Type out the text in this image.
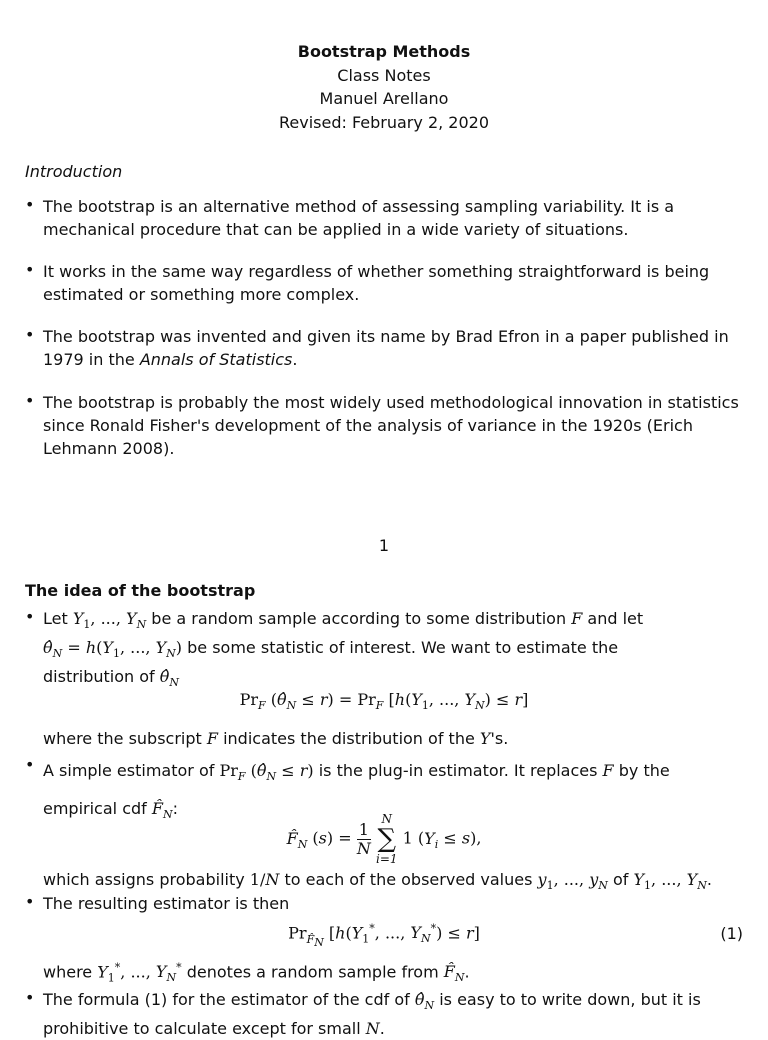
Bootstrap Methods
Class Notes
Manuel Arellano
Revised: February 2, 2020
Introduction
• The bootstrap is an alternative method of assessing sampling variability. It is a mechanical procedure that can be applied in a wide variety of situations.
• It works in the same way regardless of whether something straightforward is being estimated or something more complex.
• The bootstrap was invented and given its name by Brad Efron in a paper published in 1979 in the Annals of Statistics.
• The bootstrap is probably the most widely used methodological innovation in statistics since Ronald Fisher's development of the analysis of variance in the 1920s (Erich Lehmann 2008).
1
The idea of the bootstrap
• Let $Y_1$, ..., $Y_N$ be a random sample according to some distribution F and let
$\thetâ_N = h(Y_1$, ..., $Y_N$) be some statistic of interest. We want to estimate the
distribution of $\thetâ_N$
$Pr_F$ $(\thetâ_N \le r) = Pr_F$ [$h(Y_1$, ..., $Y_N) \le r$]
where the subscript F indicates the distribution of the Y's.
• A simple estimator of $Pr_F$ $(\thetâ_N \le r)$ is the plug-in estimator. It replaces F by the
empirical cdf $F̂_N$:
$F̂_N$ $(s) = \frac{1}{N}$

N
∑
i=1
1 $(Y_i \le s)$,
which assigns probability 1/N to each of the observed values $y_1$, ..., $y_N$ of $Y_1$, ..., $Y_N$.
• The resulting estimator is then
$Pr_{F̂_N}$ [$h(Y_1^*$, ..., $Y_N^*) \le r$]	(1)
where $Y_1^*$, ..., $Y_N^*$ denotes a random sample from $F̂_N$.
• The formula (1) for the estimator of the cdf of $\thetâ_N$ is easy to to write down, but it is
prohibitive to calculate except for small N.
